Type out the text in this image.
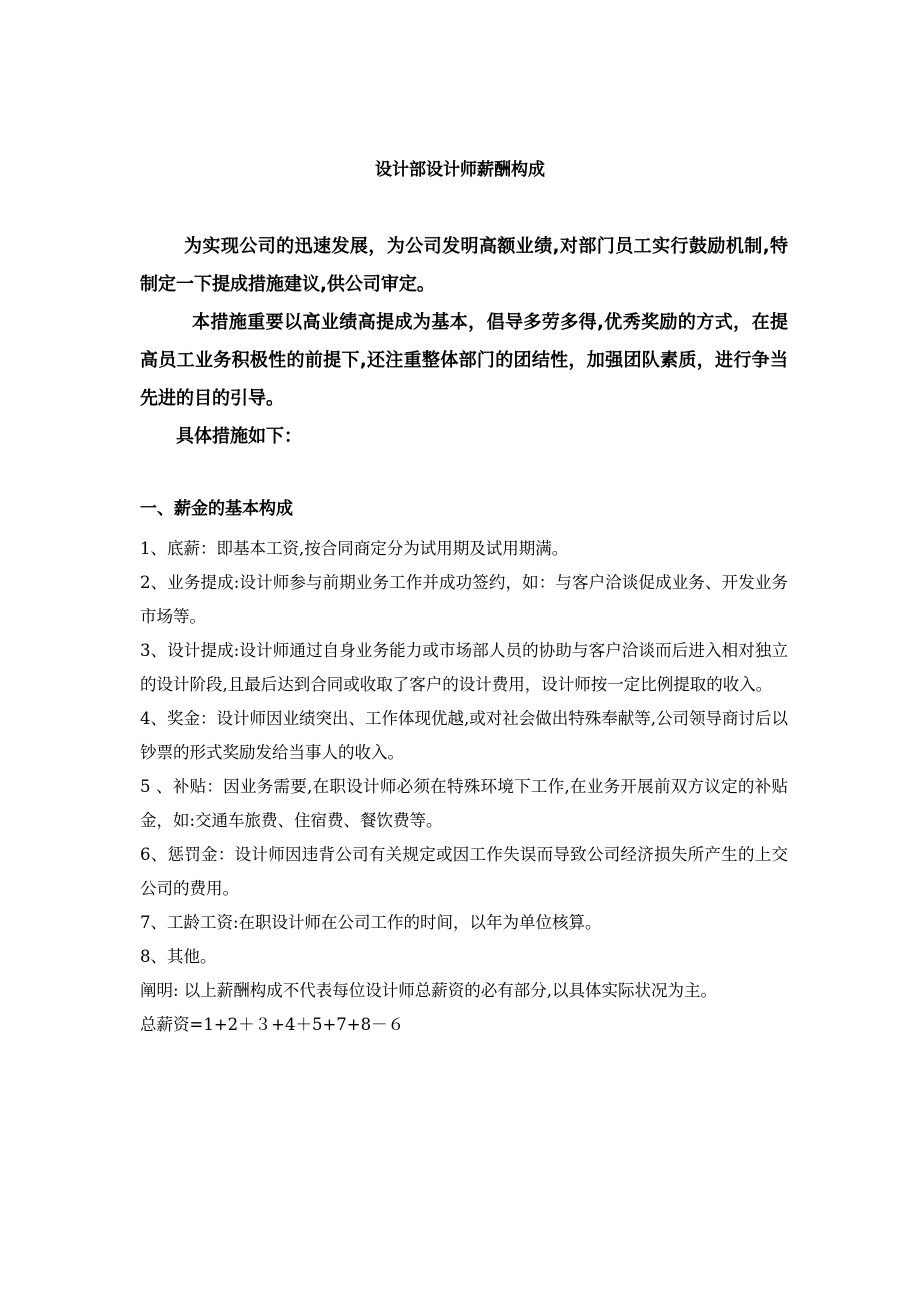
设计部设计师薪酬构成

为实现公司的迅速发展，为公司发明高额业绩,对部门员工实行鼓励机制,特制定一下提成措施建议,供公司审定。

本措施重要以高业绩高提成为基本，倡导多劳多得,优秀奖励的方式，在提高员工业务积极性的前提下,还注重整体部门的团结性，加强团队素质，进行争当先进的目的引导。

具体措施如下：

一、薪金的基本构成

1、底薪：即基本工资,按合同商定分为试用期及试用期满。

2、业务提成:设计师参与前期业务工作并成功签约，如：与客户洽谈促成业务、开发业务市场等。

3、设计提成:设计师通过自身业务能力或市场部人员的协助与客户洽谈而后进入相对独立的设计阶段,且最后达到合同或收取了客户的设计费用，设计师按一定比例提取的收入。

4、奖金：设计师因业绩突出、工作体现优越,或对社会做出特殊奉献等,公司领导商讨后以钞票的形式奖励发给当事人的收入。

5 、补贴：因业务需要,在职设计师必须在特殊环境下工作,在业务开展前双方议定的补贴金，如:交通车旅费、住宿费、餐饮费等。

6、惩罚金：设计师因违背公司有关规定或因工作失误而导致公司经济损失所产生的上交公司的费用。

7、工龄工资:在职设计师在公司工作的时间，以年为单位核算。

8、其他。

阐明: 以上薪酬构成不代表每位设计师总薪资的必有部分,以具体实际状况为主。

总薪资=1+2＋３+4＋5+7+8－６
